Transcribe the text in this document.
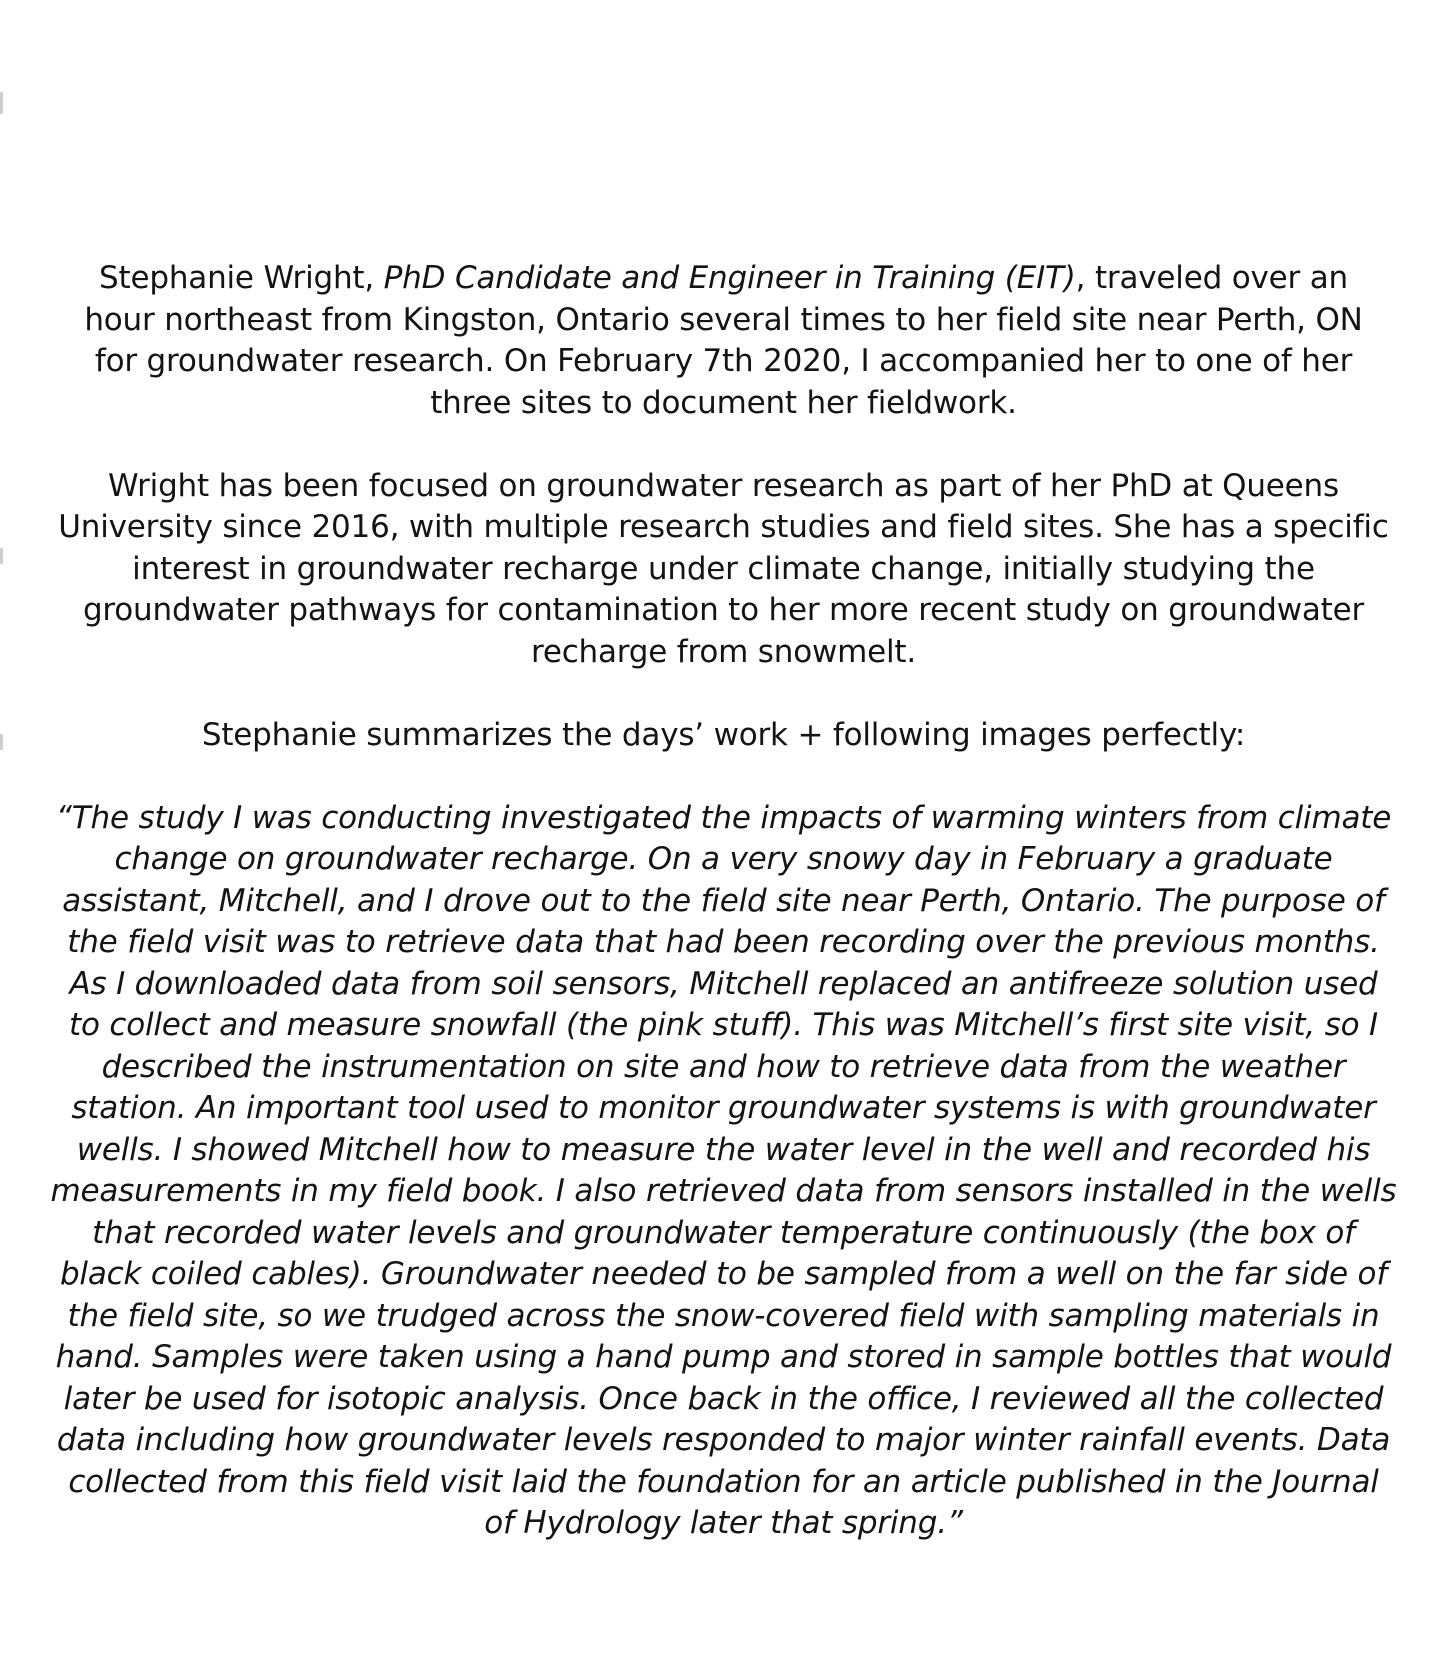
Stephanie Wright, PhD Candidate and Engineer in Training (EIT), traveled over an
hour northeast from Kingston, Ontario several times to her field site near Perth, ON
for groundwater research. On February 7th 2020, I accompanied her to one of her
three sites to document her fieldwork.

Wright has been focused on groundwater research as part of her PhD at Queens
University since 2016, with multiple research studies and field sites. She has a specific
interest in groundwater recharge under climate change, initially studying the
groundwater pathways for contamination to her more recent study on groundwater
recharge from snowmelt.

Stephanie summarizes the days’ work + following images perfectly:

“The study I was conducting investigated the impacts of warming winters from climate
change on groundwater recharge. On a very snowy day in February a graduate
assistant, Mitchell, and I drove out to the field site near Perth, Ontario. The purpose of
the field visit was to retrieve data that had been recording over the previous months.
As I downloaded data from soil sensors, Mitchell replaced an antifreeze solution used
to collect and measure snowfall (the pink stuff). This was Mitchell’s first site visit, so I
described the instrumentation on site and how to retrieve data from the weather
station. An important tool used to monitor groundwater systems is with groundwater
wells. I showed Mitchell how to measure the water level in the well and recorded his
measurements in my field book. I also retrieved data from sensors installed in the wells
that recorded water levels and groundwater temperature continuously (the box of
black coiled cables). Groundwater needed to be sampled from a well on the far side of
the field site, so we trudged across the snow-covered field with sampling materials in
hand. Samples were taken using a hand pump and stored in sample bottles that would
later be used for isotopic analysis. Once back in the office, I reviewed all the collected
data including how groundwater levels responded to major winter rainfall events. Data
collected from this field visit laid the foundation for an article published in the Journal
of Hydrology later that spring.”
